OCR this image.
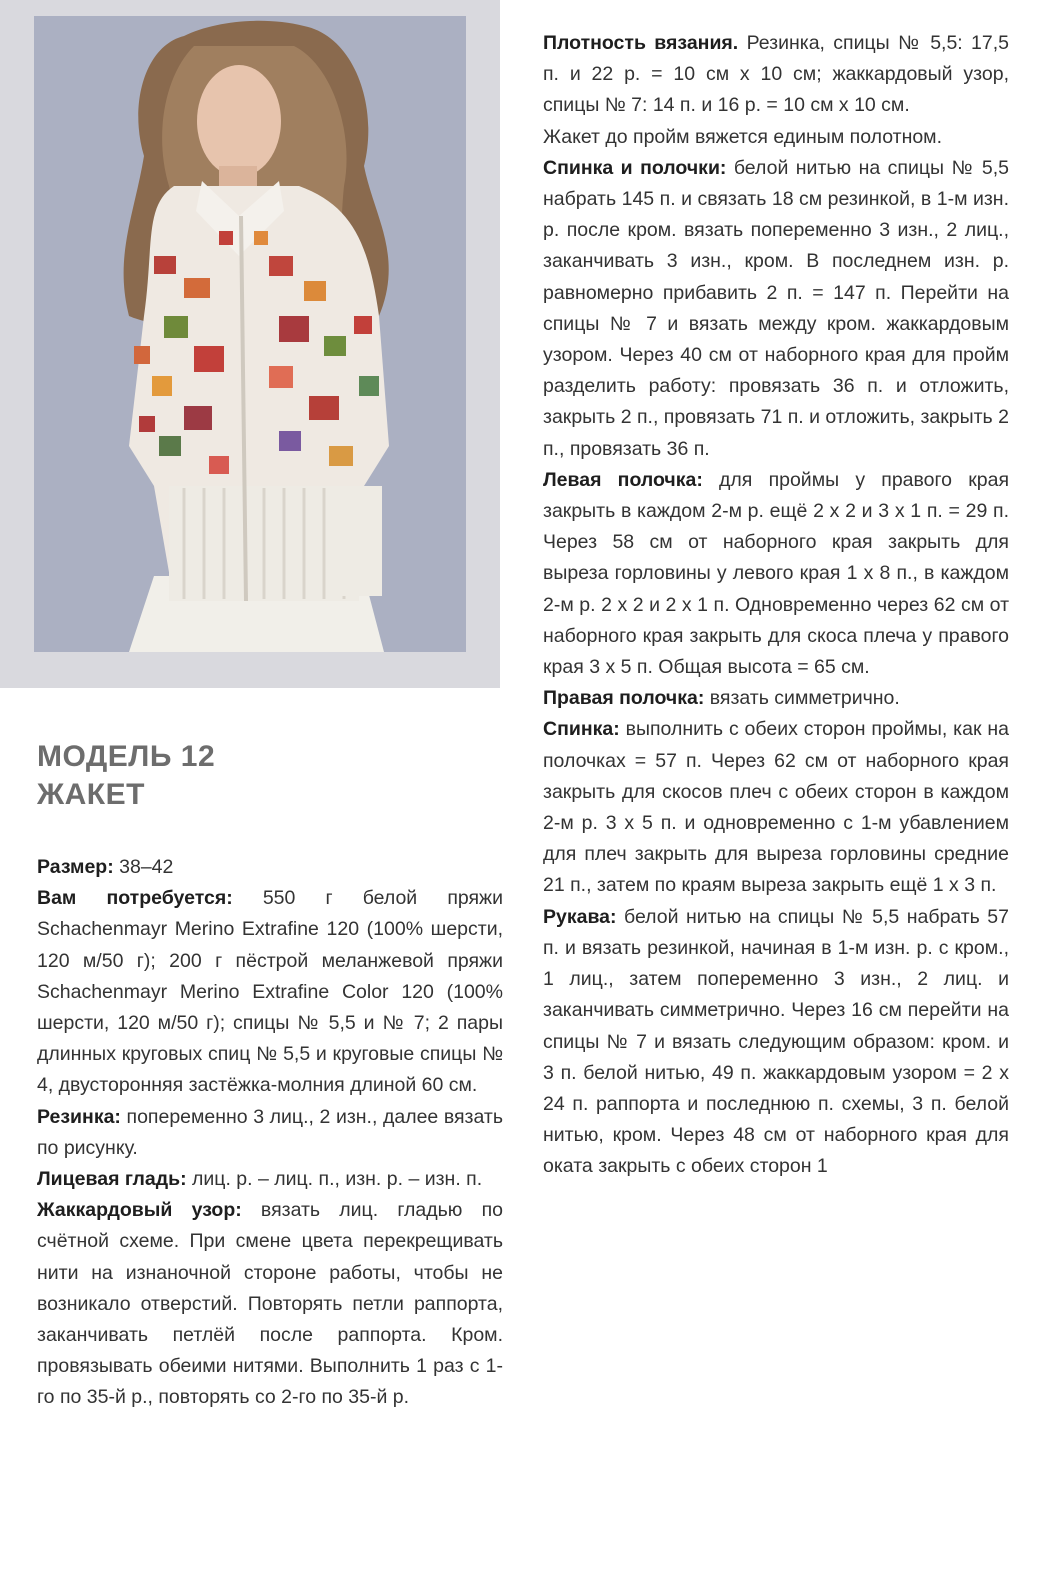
МОДЕЛЬ 12
ЖАКЕТ

Размер: 38–42

Вам потребуется: 550 г белой пряжи Schachenmayr Merino Extrafine 120 (100% шерсти, 120 м/50 г); 200 г пёстрой меланжевой пряжи Schachenmayr Merino Extrafine Color 120 (100% шерсти, 120 м/50 г); спицы № 5,5 и № 7; 2 пары длинных круговых спиц № 5,5 и круговые спицы № 4, двусторонняя застёжка-молния длиной 60 см.

Резинка: попеременно 3 лиц., 2 изн., далее вязать по рисунку.

Лицевая гладь: лиц. р. – лиц. п., изн. р. – изн. п.

Жаккардовый узор: вязать лиц. гладью по счётной схеме. При смене цвета перекрещивать нити на изнаночной стороне работы, чтобы не возникало отверстий. Повторять петли раппорта, заканчивать петлёй после раппорта. Кром. провязывать обеими нитями. Выполнить 1 раз с 1-го по 35-й р., повторять со 2-го по 35-й р.

Плотность вязания. Резинка, спицы № 5,5: 17,5 п. и 22 р. = 10 см х 10 см; жаккардовый узор, спицы № 7: 14 п. и 16 р. = 10 см х 10 см.

Жакет до пройм вяжется единым полотном.

Спинка и полочки: белой нитью на спицы № 5,5 набрать 145 п. и связать 18 см резинкой, в 1-м изн. р. после кром. вязать попеременно 3 изн., 2 лиц., заканчивать 3 изн., кром. В последнем изн. р. равномерно прибавить 2 п. = 147 п. Перейти на спицы № 7 и вязать между кром. жаккардовым узором. Через 40 см от наборного края для пройм разделить работу: провязать 36 п. и отложить, закрыть 2 п., провязать 71 п. и отложить, закрыть 2 п., провязать 36 п.

Левая полочка: для проймы у правого края закрыть в каждом 2-м р. ещё 2 х 2 и 3 х 1 п. = 29 п. Через 58 см от наборного края закрыть для выреза горловины у левого края 1 х 8 п., в каждом 2-м р. 2 х 2 и 2 х 1 п. Одновременно через 62 см от наборного края закрыть для скоса плеча у правого края 3 х 5 п. Общая высота = 65 см.

Правая полочка: вязать симметрично.

Спинка: выполнить с обеих сторон проймы, как на полочках = 57 п. Через 62 см от наборного края закрыть для скосов плеч с обеих сторон в каждом 2-м р. 3 х 5 п. и одновременно с 1-м убавлением для плеч закрыть для выреза горловины средние 21 п., затем по краям выреза закрыть ещё 1 х 3 п.

Рукава: белой нитью на спицы № 5,5 набрать 57 п. и вязать резинкой, начиная в 1-м изн. р. с кром., 1 лиц., затем попеременно 3 изн., 2 лиц. и заканчивать симметрично. Через 16 см перейти на спицы № 7 и вязать следующим образом: кром. и 3 п. белой нитью, 49 п. жаккардовым узором = 2 х 24 п. раппорта и последнюю п. схемы, 3 п. белой нитью, кром. Через 48 см от наборного края для оката закрыть с обеих сторон 1
